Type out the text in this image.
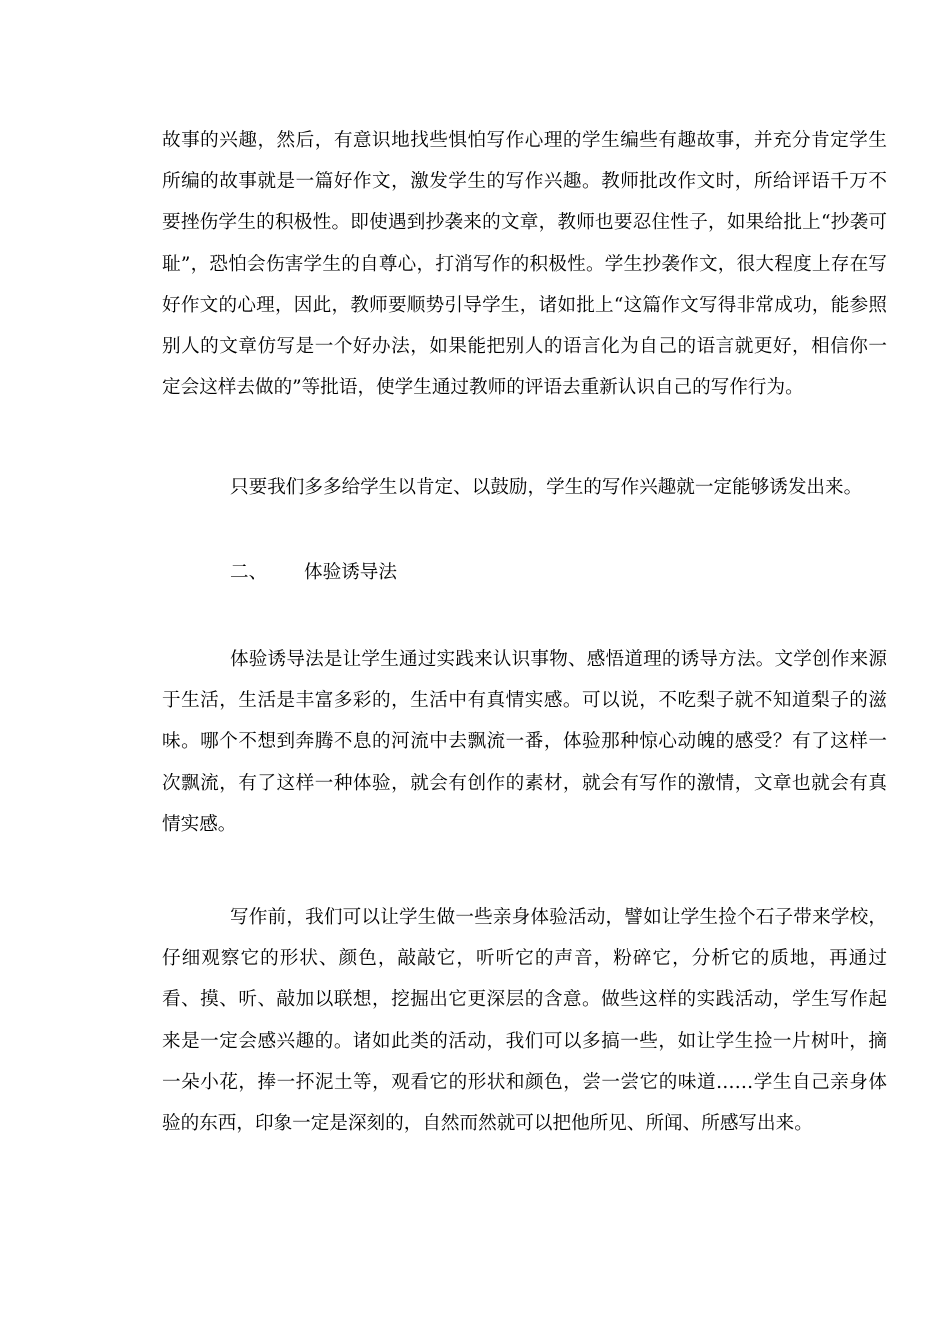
故事的兴趣，然后，有意识地找些惧怕写作心理的学生编些有趣故事，并充分肯定学生所编的故事就是一篇好作文，激发学生的写作兴趣。教师批改作文时，所给评语千万不要挫伤学生的积极性。即使遇到抄袭来的文章，教师也要忍住性子，如果给批上“抄袭可耻”，恐怕会伤害学生的自尊心，打消写作的积极性。学生抄袭作文，很大程度上存在写好作文的心理，因此，教师要顺势引导学生，诸如批上“这篇作文写得非常成功，能参照别人的文章仿写是一个好办法，如果能把别人的语言化为自己的语言就更好，相信你一定会这样去做的”等批语，使学生通过教师的评语去重新认识自己的写作行为。

只要我们多多给学生以肯定、以鼓励，学生的写作兴趣就一定能够诱发出来。

二、 体验诱导法

体验诱导法是让学生通过实践来认识事物、感悟道理的诱导方法。文学创作来源于生活，生活是丰富多彩的，生活中有真情实感。可以说，不吃梨子就不知道梨子的滋味。哪个不想到奔腾不息的河流中去飘流一番，体验那种惊心动魄的感受？有了这样一次飘流，有了这样一种体验，就会有创作的素材，就会有写作的激情，文章也就会有真情实感。

写作前，我们可以让学生做一些亲身体验活动，譬如让学生捡个石子带来学校，仔细观察它的形状、颜色，敲敲它，听听它的声音，粉碎它，分析它的质地，再通过看、摸、听、敲加以联想，挖掘出它更深层的含意。做些这样的实践活动，学生写作起来是一定会感兴趣的。诸如此类的活动，我们可以多搞一些，如让学生捡一片树叶，摘一朵小花，捧一抔泥土等，观看它的形状和颜色，尝一尝它的味道……学生自己亲身体验的东西，印象一定是深刻的，自然而然就可以把他所见、所闻、所感写出来。
